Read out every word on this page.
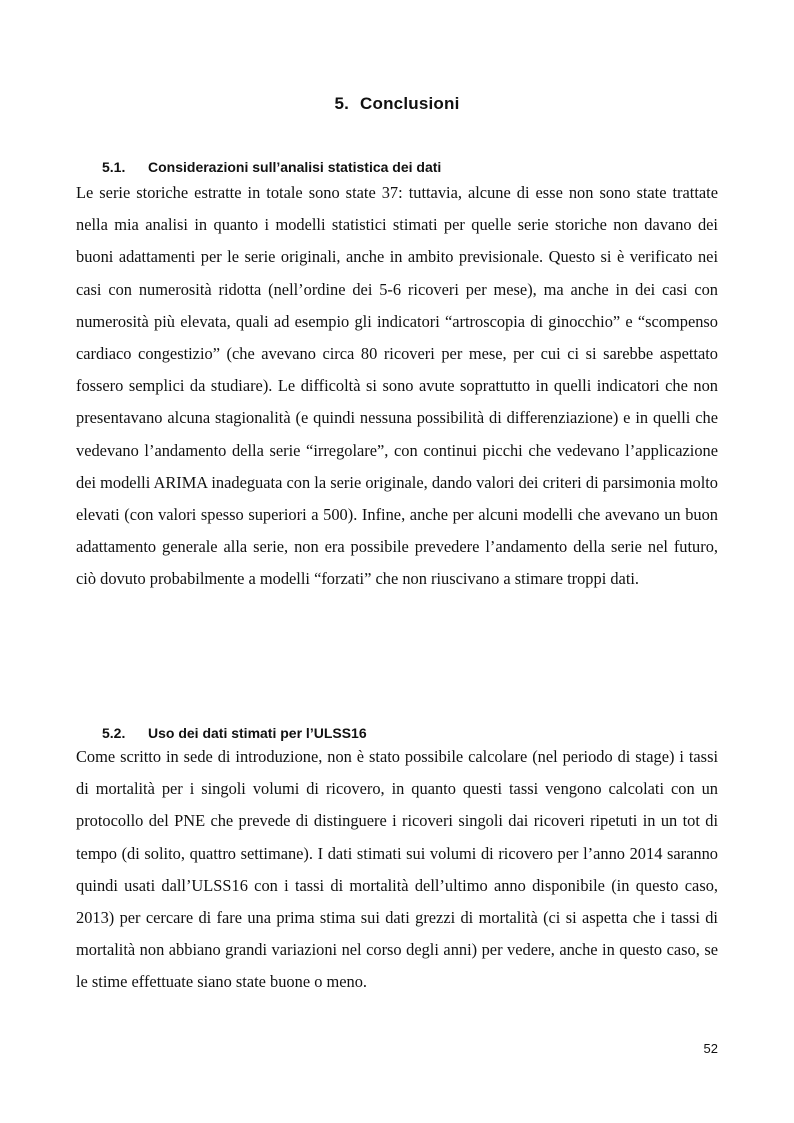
5. Conclusioni
5.1. Considerazioni sull’analisi statistica dei dati

Le serie storiche estratte in totale sono state 37: tuttavia, alcune di esse non sono state trattate nella mia analisi in quanto i modelli statistici stimati per quelle serie storiche non davano dei buoni adattamenti per le serie originali, anche in ambito previsionale. Questo si è verificato nei casi con numerosità ridotta (nell’ordine dei 5-6 ricoveri per mese), ma anche in dei casi con numerosità più elevata, quali ad esempio gli indicatori “artroscopia di ginocchio” e “scompenso cardiaco congestizio” (che avevano circa 80 ricoveri per mese, per cui ci si sarebbe aspettato fossero semplici da studiare). Le difficoltà si sono avute soprattutto in quelli indicatori che non presentavano alcuna stagionalità (e quindi nessuna possibilità di differenziazione) e in quelli che vedevano l’andamento della serie “irregolare”, con continui picchi che vedevano l’applicazione dei modelli ARIMA inadeguata con la serie originale, dando valori dei criteri di parsimonia molto elevati (con valori spesso superiori a 500). Infine, anche per alcuni modelli che avevano un buon adattamento generale alla serie, non era possibile prevedere l’andamento della serie nel futuro, ciò dovuto probabilmente a modelli “forzati” che non riuscivano a stimare troppi dati.

5.2. Uso dei dati stimati per l’ULSS16

Come scritto in sede di introduzione, non è stato possibile calcolare (nel periodo di stage) i tassi di mortalità per i singoli volumi di ricovero, in quanto questi tassi vengono calcolati con un protocollo del PNE che prevede di distinguere i ricoveri singoli dai ricoveri ripetuti in un tot di tempo (di solito, quattro settimane). I dati stimati sui volumi di ricovero per l’anno 2014 saranno quindi usati dall’ULSS16 con i tassi di mortalità dell’ultimo anno disponibile (in questo caso, 2013) per cercare di fare una prima stima sui dati grezzi di mortalità (ci si aspetta che i tassi di mortalità non abbiano grandi variazioni nel corso degli anni) per vedere, anche in questo caso, se le stime effettuate siano state buone o meno.

52
